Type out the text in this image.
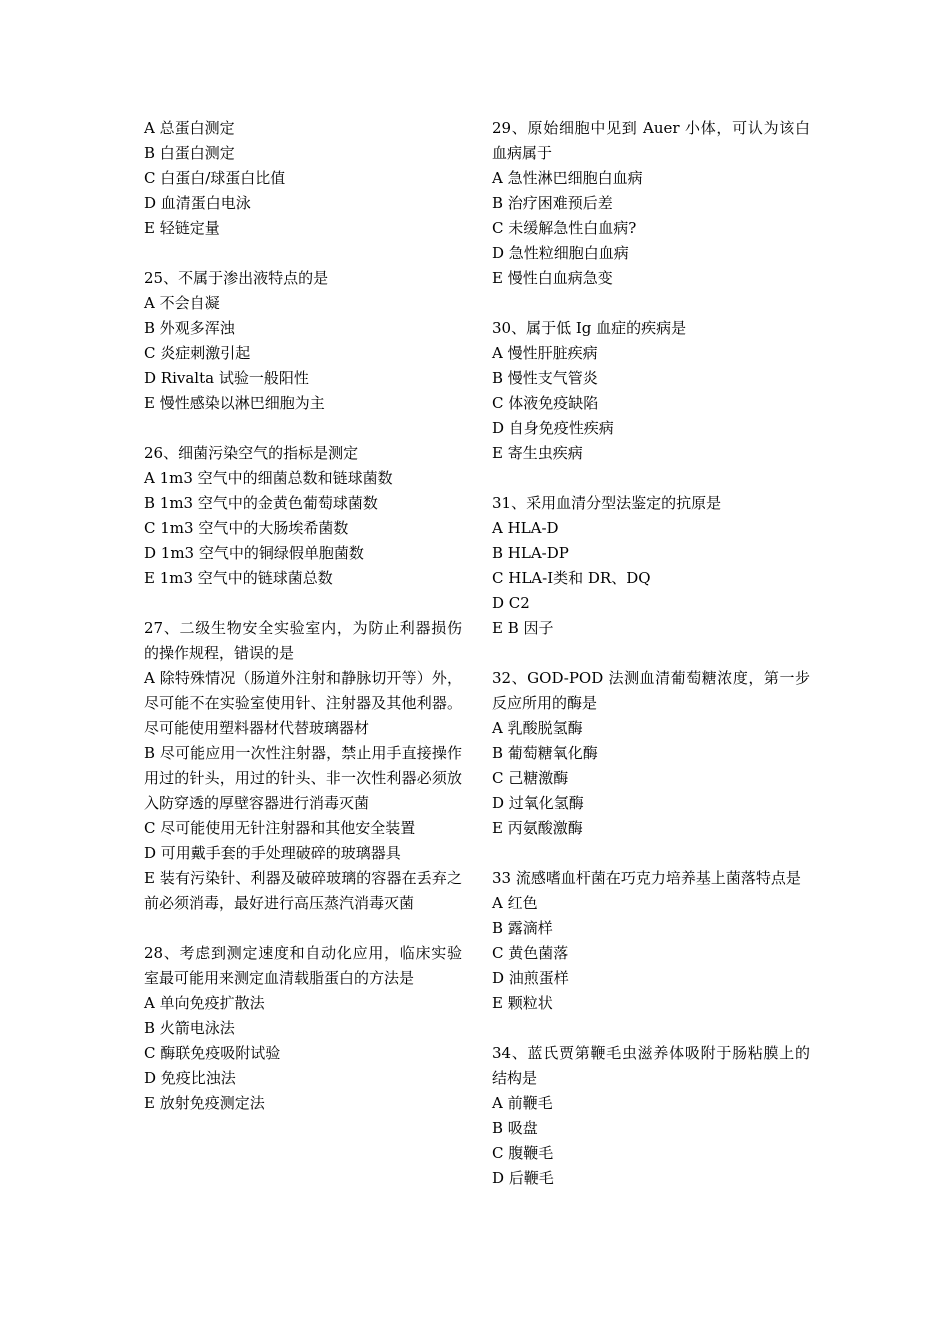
A 总蛋白测定
B 白蛋白测定
C 白蛋白/球蛋白比值
D 血清蛋白电泳
E 轻链定量
25、不属于渗出液特点的是
A 不会自凝
B 外观多浑浊
C 炎症刺激引起
D Rivalta 试验一般阳性
E 慢性感染以淋巴细胞为主
26、细菌污染空气的指标是测定
A 1m3 空气中的细菌总数和链球菌数
B 1m3 空气中的金黄色葡萄球菌数
C 1m3 空气中的大肠埃希菌数
D 1m3 空气中的铜绿假单胞菌数
E 1m3 空气中的链球菌总数
27、二级生物安全实验室内，为防止利器损伤的操作规程，错误的是
A 除特殊情况（肠道外注射和静脉切开等）外，尽可能不在实验室使用针、注射器及其他利器。尽可能使用塑料器材代替玻璃器材
B 尽可能应用一次性注射器，禁止用手直接操作用过的针头，用过的针头、非一次性利器必须放入防穿透的厚壁容器进行消毒灭菌
C 尽可能使用无针注射器和其他安全装置
D 可用戴手套的手处理破碎的玻璃器具
E 装有污染针、利器及破碎玻璃的容器在丢弃之前必须消毒，最好进行高压蒸汽消毒灭菌
28、考虑到测定速度和自动化应用，临床实验室最可能用来测定血清载脂蛋白的方法是
A 单向免疫扩散法
B 火箭电泳法
C 酶联免疫吸附试验
D 免疫比浊法
E 放射免疫测定法
29、原始细胞中见到 Auer 小体，可认为该白血病属于
A 急性淋巴细胞白血病
B 治疗困难预后差
C 未缓解急性白血病?
D 急性粒细胞白血病
E 慢性白血病急变
30、属于低 Ig 血症的疾病是
A 慢性肝脏疾病
B 慢性支气管炎
C 体液免疫缺陷
D 自身免疫性疾病
E 寄生虫疾病
31、采用血清分型法鉴定的抗原是
A HLA-D
B HLA-DP
C HLA-Ⅰ类和 DR、DQ
D C2
E B 因子
32、GOD-POD 法测血清葡萄糖浓度，第一步反应所用的酶是
A 乳酸脱氢酶
B 葡萄糖氧化酶
C 己糖激酶
D 过氧化氢酶
E 丙氨酸激酶
33 流感嗜血杆菌在巧克力培养基上菌落特点是
A 红色
B 露滴样
C 黄色菌落
D 油煎蛋样
E 颗粒状
34、蓝氏贾第鞭毛虫滋养体吸附于肠粘膜上的结构是
A 前鞭毛
B 吸盘
C 腹鞭毛
D 后鞭毛
